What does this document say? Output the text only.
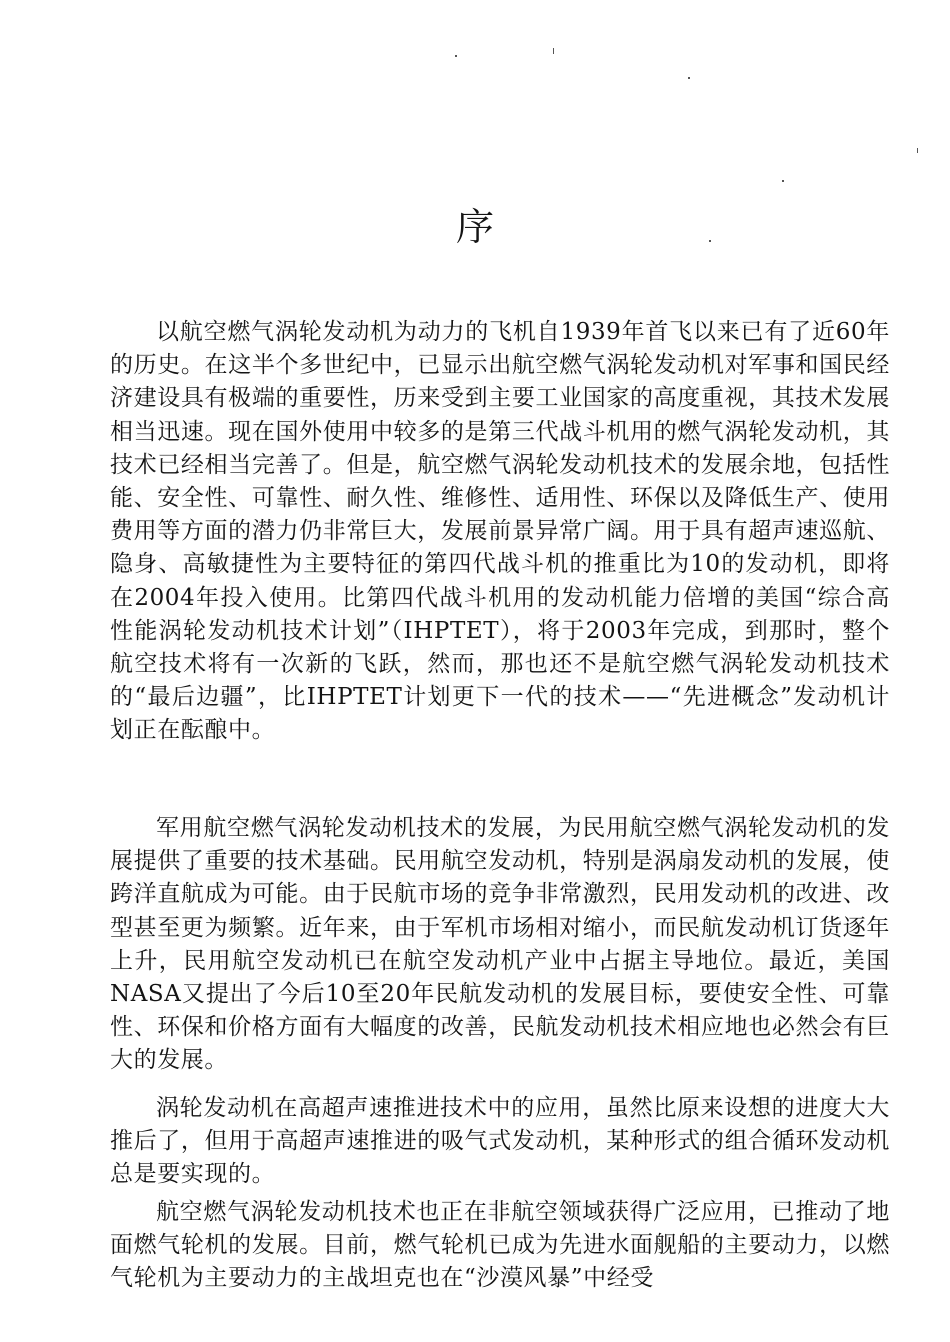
序

以航空燃气涡轮发动机为动力的飞机自1939年首飞以来已有了近60年的历史。在这半个多世纪中，已显示出航空燃气涡轮发动机对军事和国民经济建设具有极端的重要性，历来受到主要工业国家的高度重视，其技术发展相当迅速。现在国外使用中较多的是第三代战斗机用的燃气涡轮发动机，其技术已经相当完善了。但是，航空燃气涡轮发动机技术的发展余地，包括性能、安全性、可靠性、耐久性、维修性、适用性、环保以及降低生产、使用费用等方面的潜力仍非常巨大，发展前景异常广阔。用于具有超声速巡航、隐身、高敏捷性为主要特征的第四代战斗机的推重比为10的发动机，即将在2004年投入使用。比第四代战斗机用的发动机能力倍增的美国“综合高性能涡轮发动机技术计划”（IHPTET），将于2003年完成，到那时，整个航空技术将有一次新的飞跃，然而，那也还不是航空燃气涡轮发动机技术的“最后边疆”，比IHPTET计划更下一代的技术——“先进概念”发动机计划正在酝酿中。

军用航空燃气涡轮发动机技术的发展，为民用航空燃气涡轮发动机的发展提供了重要的技术基础。民用航空发动机，特别是涡扇发动机的发展，使跨洋直航成为可能。由于民航市场的竞争非常激烈，民用发动机的改进、改型甚至更为频繁。近年来，由于军机市场相对缩小，而民航发动机订货逐年上升，民用航空发动机已在航空发动机产业中占据主导地位。最近，美国NASA又提出了今后10至20年民航发动机的发展目标，要使安全性、可靠性、环保和价格方面有大幅度的改善，民航发动机技术相应地也必然会有巨大的发展。

涡轮发动机在高超声速推进技术中的应用，虽然比原来设想的进度大大推后了，但用于高超声速推进的吸气式发动机，某种形式的组合循环发动机总是要实现的。

航空燃气涡轮发动机技术也正在非航空领域获得广泛应用，已推动了地面燃气轮机的发展。目前，燃气轮机已成为先进水面舰船的主要动力，以燃气轮机为主要动力的主战坦克也在“沙漠风暴”中经受
